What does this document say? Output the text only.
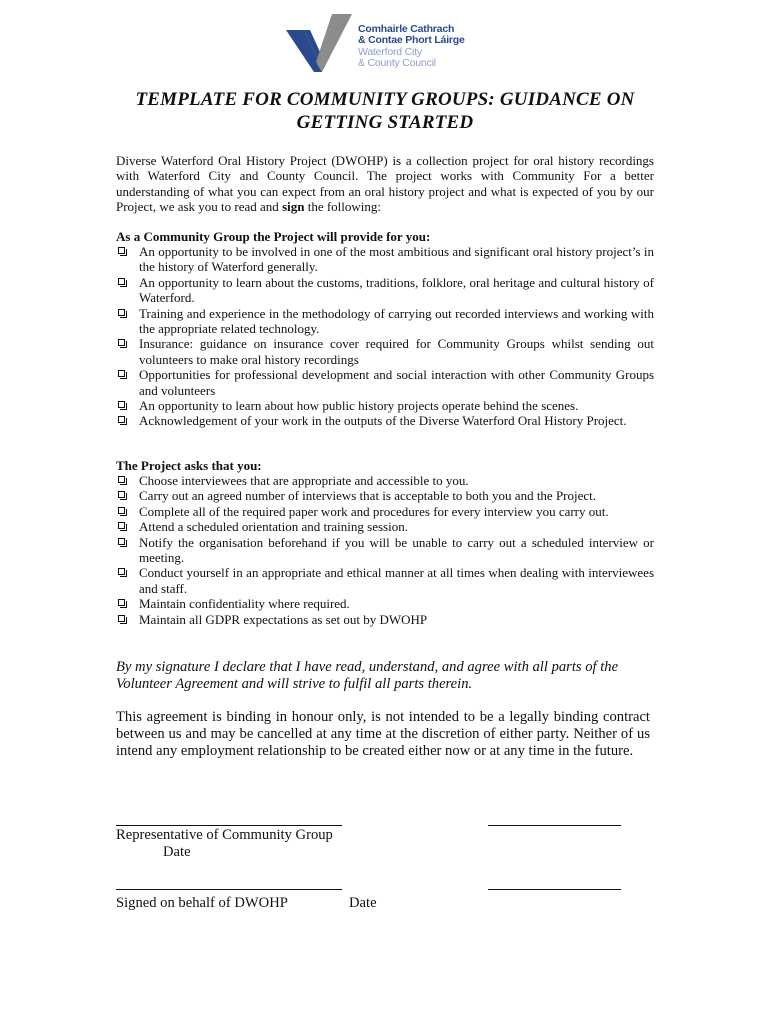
Comhairle Cathrach
& Contae Phort Láirge
Waterford City
& County Council
TEMPLATE FOR COMMUNITY GROUPS: GUIDANCE ON
GETTING STARTED
Diverse Waterford Oral History Project (DWOHP) is a collection project for oral history recordings with Waterford City and County Council. The project works with Community For a better understanding of what you can expect from an oral history project and what is expected of you by our Project, we ask you to read and sign the following:
As a Community Group the Project will provide for you:
An opportunity to be involved in one of the most ambitious and significant oral history project’s in the history of Waterford generally.
An opportunity to learn about the customs, traditions, folklore, oral heritage and cultural history of Waterford.
Training and experience in the methodology of carrying out recorded interviews and working with the appropriate related technology.
Insurance: guidance on insurance cover required for Community Groups whilst sending out volunteers to make oral history recordings
Opportunities for professional development and social interaction with other Community Groups and volunteers
An opportunity to learn about how public history projects operate behind the scenes.
Acknowledgement of your work in the outputs of the Diverse Waterford Oral History Project.
The Project asks that you:
Choose interviewees that are appropriate and accessible to you.
Carry out an agreed number of interviews that is acceptable to both you and the Project.
Complete all of the required paper work and procedures for every interview you carry out.
Attend a scheduled orientation and training session.
Notify the organisation beforehand if you will be unable to carry out a scheduled interview or meeting.
Conduct yourself in an appropriate and ethical manner at all times when dealing with interviewees and staff.
Maintain confidentiality where required.
Maintain all GDPR expectations as set out by DWOHP
By my signature I declare that I have read, understand, and agree with all parts of the Volunteer Agreement and will strive to fulfil all parts therein.
This agreement is binding in honour only, is not intended to be a legally binding contract between us and may be cancelled at any time at the discretion of either party. Neither of us intend any employment relationship to be created either now or at any time in the future.
Representative of Community Group
Date
Signed on behalf of DWOHP	Date
